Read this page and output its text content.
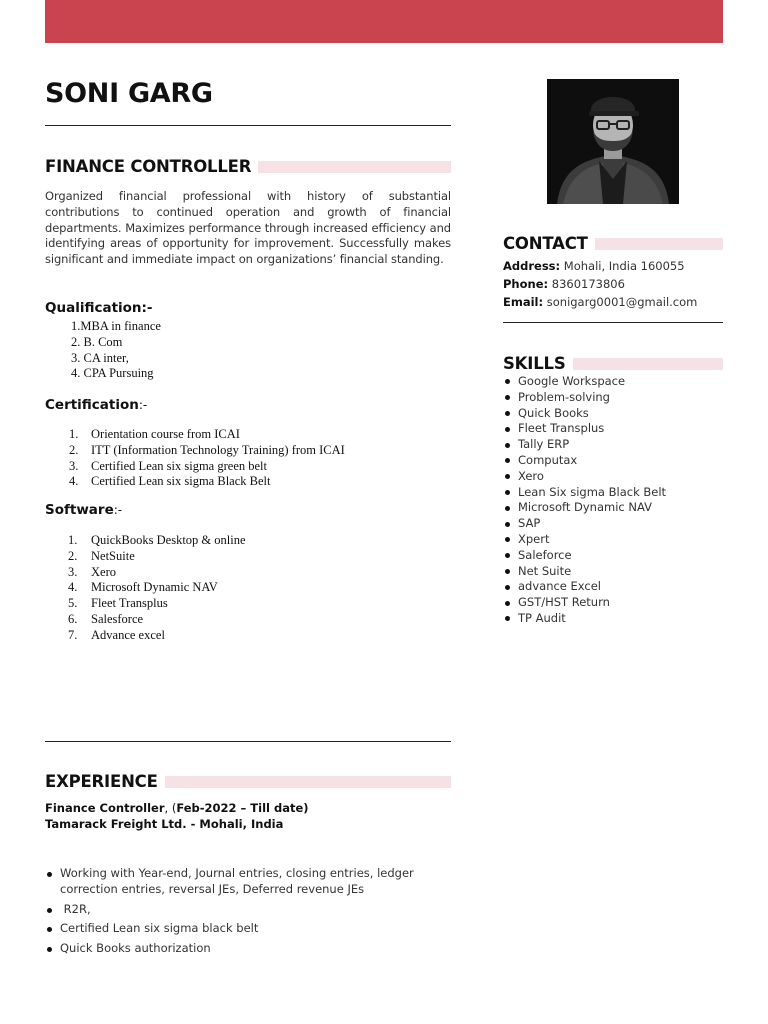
SONI GARG
FINANCE CONTROLLER

Organized financial professional with history of substantial contributions to continued operation and growth of financial departments. Maximizes performance through increased efficiency and identifying areas of opportunity for improvement. Successfully makes significant and immediate impact on organizations’ financial standing.

Qualification:-
1.MBA in finance
2. B. Com
3. CA inter,
4. CPA Pursuing
Certification:-
1.	Orientation course from ICAI
2.	ITT (Information Technology Training) from ICAI
3.	Certified Lean six sigma green belt
4.	Certified Lean six sigma Black Belt
Software:-
1.	QuickBooks Desktop & online
2.	NetSuite
3.	Xero
4.	Microsoft Dynamic NAV
5.	Fleet Transplus
6.	Salesforce
7.	Advance excel
CONTACT
Address: Mohali, India 160055
Phone: 8360173806
Email: sonigarg0001@gmail.com
SKILLS
Google Workspace
Problem-solving
Quick Books
Fleet Transplus
Tally ERP
Computax
Xero
Lean Six sigma Black Belt
Microsoft Dynamic NAV
SAP
Xpert
Saleforce
Net Suite
advance Excel
GST/HST Return
TP Audit
EXPERIENCE
Finance Controller, (Feb-2022 – Till date)
Tamarack Freight Ltd. - Mohali, India
Working with Year-end, Journal entries, closing entries, ledger correction entries, reversal JEs, Deferred revenue JEs
R2R,
Certified Lean six sigma black belt
Quick Books authorization
